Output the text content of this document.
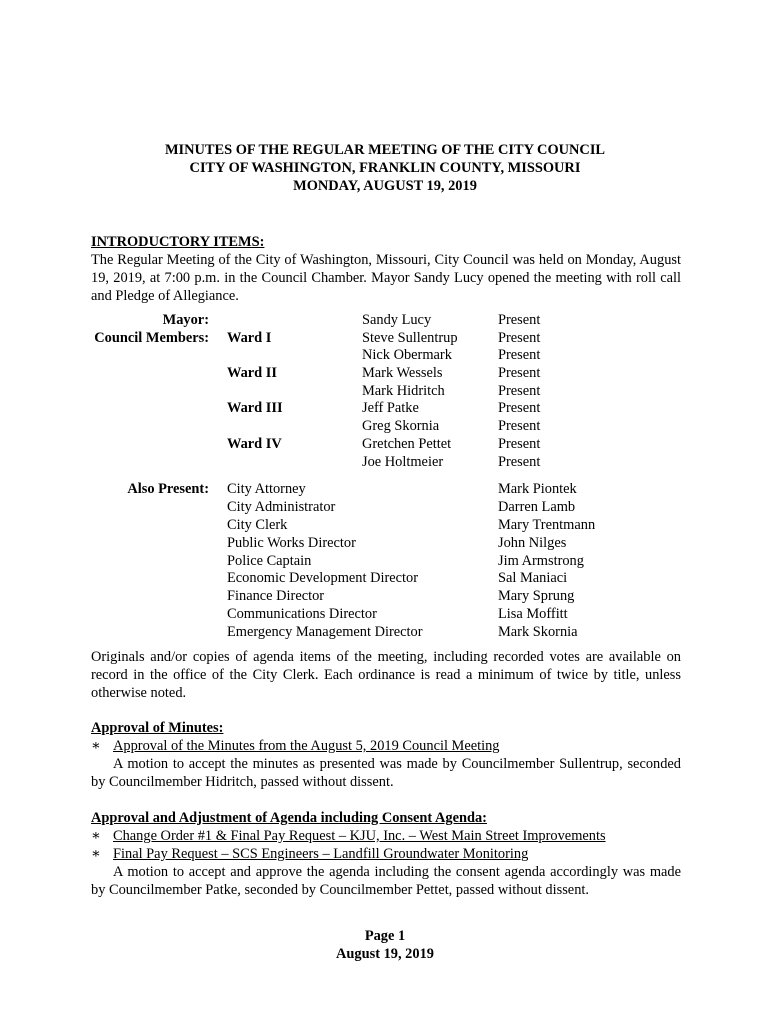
MINUTES OF THE REGULAR MEETING OF THE CITY COUNCIL
CITY OF WASHINGTON, FRANKLIN COUNTY, MISSOURI
MONDAY, AUGUST 19, 2019
INTRODUCTORY ITEMS:
The Regular Meeting of the City of Washington, Missouri, City Council was held on Monday, August 19, 2019, at 7:00 p.m. in the Council Chamber. Mayor Sandy Lucy opened the meeting with roll call and Pledge of Allegiance.
Mayor:	Sandy Lucy	Present
Council Members: Ward I	Steve Sullentrup	Present
Nick Obermark	Present
Ward II	Mark Wessels	Present
Mark Hidritch	Present
Ward III	Jeff Patke	Present
Greg Skornia	Present
Ward IV	Gretchen Pettet	Present
Joe Holtmeier	Present
Also Present: City Attorney	Mark Piontek
City Administrator	Darren Lamb
City Clerk	Mary Trentmann
Public Works Director	John Nilges
Police Captain	Jim Armstrong
Economic Development Director	Sal Maniaci
Finance Director	Mary Sprung
Communications Director	Lisa Moffitt
Emergency Management Director	Mark Skornia
Originals and/or copies of agenda items of the meeting, including recorded votes are available on record in the office of the City Clerk. Each ordinance is read a minimum of twice by title, unless otherwise noted.
Approval of Minutes:
∗ Approval of the Minutes from the August 5, 2019 Council Meeting
A motion to accept the minutes as presented was made by Councilmember Sullentrup, seconded by Councilmember Hidritch, passed without dissent.
Approval and Adjustment of Agenda including Consent Agenda:
∗ Change Order #1 & Final Pay Request – KJU, Inc. – West Main Street Improvements
∗ Final Pay Request – SCS Engineers – Landfill Groundwater Monitoring
A motion to accept and approve the agenda including the consent agenda accordingly was made by Councilmember Patke, seconded by Councilmember Pettet, passed without dissent.
Page 1
August 19, 2019
